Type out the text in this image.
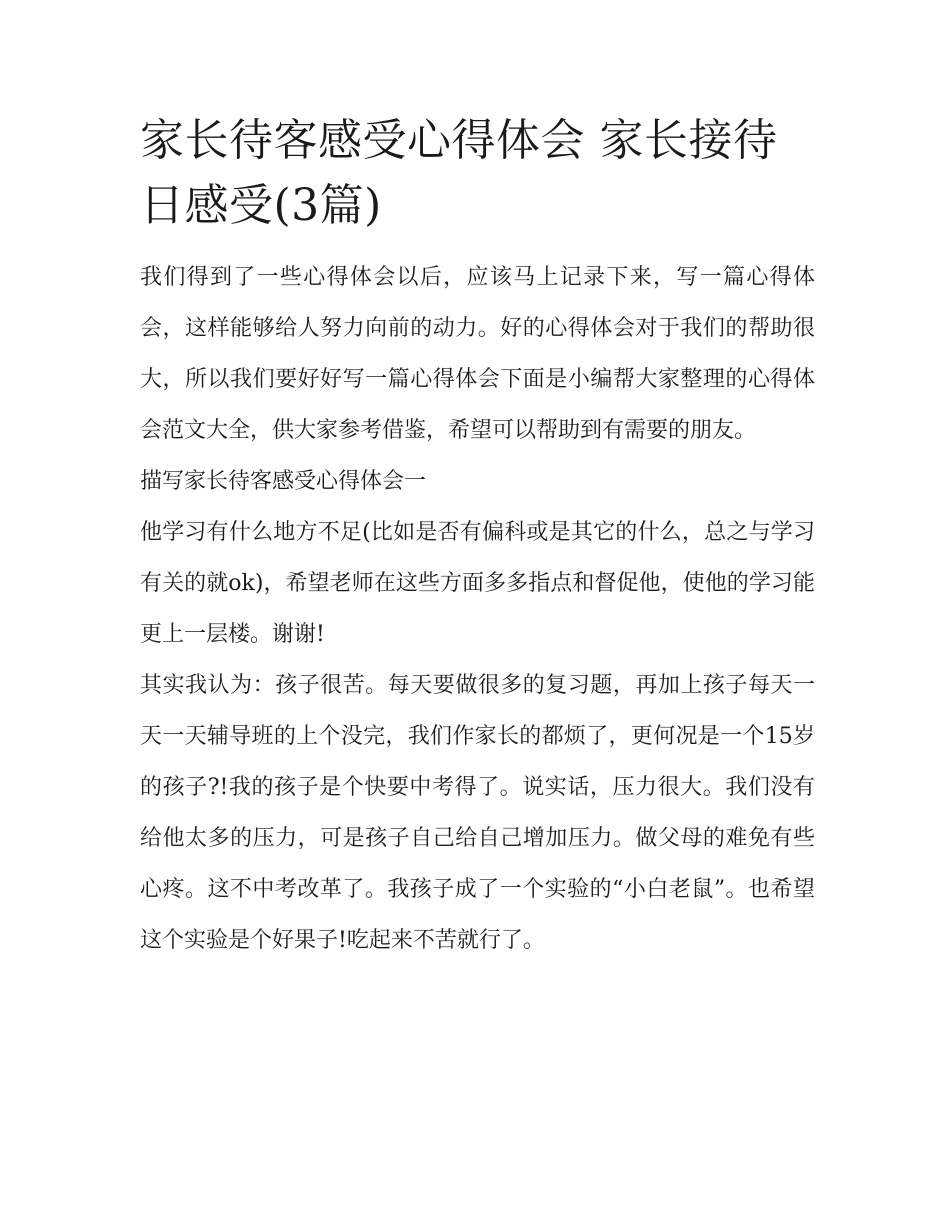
家长待客感受心得体会 家长接待日感受(3篇)

我们得到了一些心得体会以后，应该马上记录下来，写一篇心得体会，这样能够给人努力向前的动力。好的心得体会对于我们的帮助很大，所以我们要好好写一篇心得体会下面是小编帮大家整理的心得体会范文大全，供大家参考借鉴，希望可以帮助到有需要的朋友。

描写家长待客感受心得体会一

他学习有什么地方不足(比如是否有偏科或是其它的什么，总之与学习有关的就ok)，希望老师在这些方面多多指点和督促他，使他的学习能更上一层楼。谢谢!

其实我认为：孩子很苦。每天要做很多的复习题，再加上孩子每天一天一天辅导班的上个没完，我们作家长的都烦了，更何况是一个15岁的孩子?!我的孩子是个快要中考得了。说实话，压力很大。我们没有给他太多的压力，可是孩子自己给自己增加压力。做父母的难免有些心疼。这不中考改革了。我孩子成了一个实验的“小白老鼠”。也希望这个实验是个好果子!吃起来不苦就行了。
